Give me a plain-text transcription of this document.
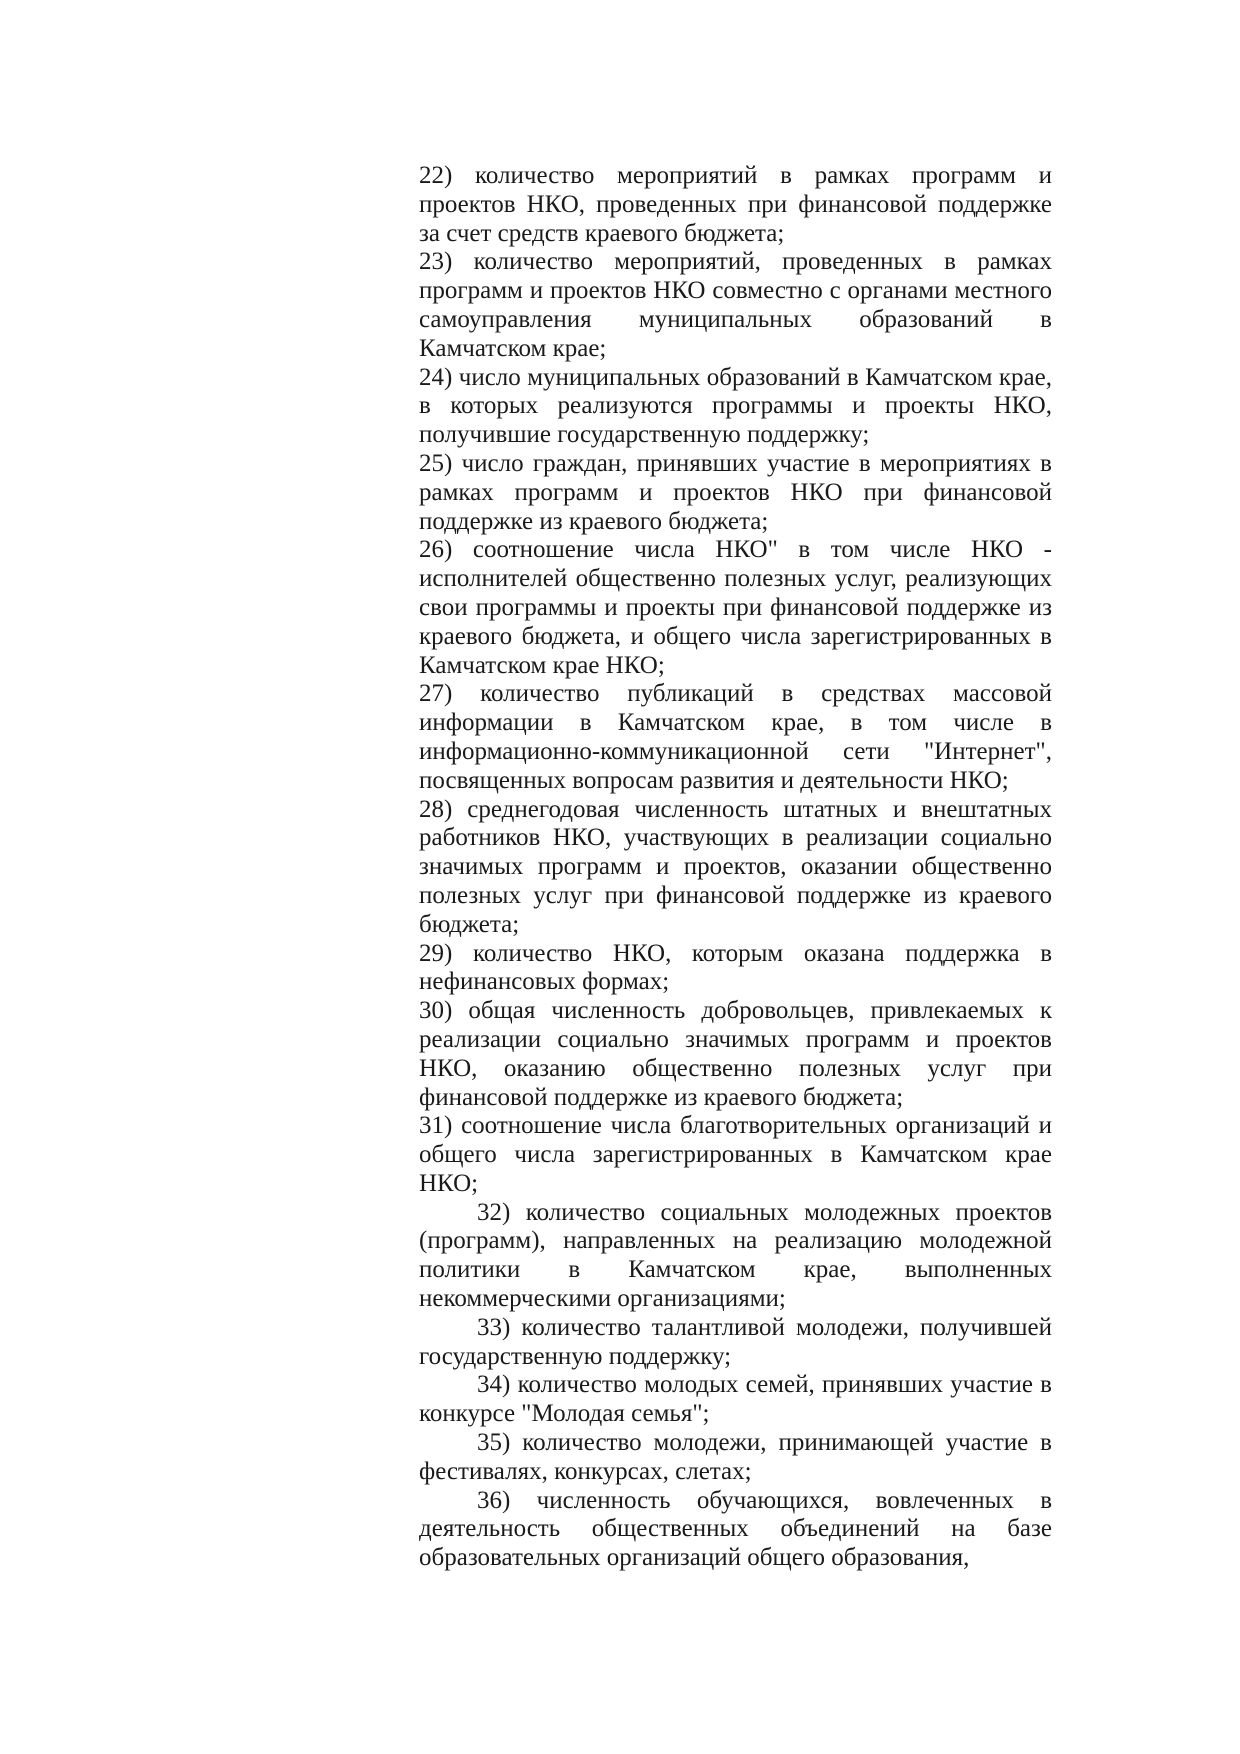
22) количество мероприятий в рамках программ и проектов НКО, проведенных при финансовой поддержке за счет средств краевого бюджета;

23) количество мероприятий, проведенных в рамках программ и проектов НКО совместно с органами местного самоуправления муниципальных образований в Камчатском крае;

24) число муниципальных образований в Камчатском крае, в которых реализуются программы и проекты НКО, получившие государственную поддержку;

25) число граждан, принявших участие в мероприятиях в рамках программ и проектов НКО при финансовой поддержке из краевого бюджета;

26) соотношение числа НКО" в том числе НКО - исполнителей общественно полезных услуг, реализующих свои программы и проекты при финансовой поддержке из краевого бюджета, и общего числа зарегистрированных в Камчатском крае НКО;

27) количество публикаций в средствах массовой информации в Камчатском крае, в том числе в информационно-коммуникационной сети "Интернет", посвященных вопросам развития и деятельности НКО;

28) среднегодовая численность штатных и внештатных работников НКО, участвующих в реализации социально значимых программ и проектов, оказании общественно полезных услуг при финансовой поддержке из краевого бюджета;

29) количество НКО, которым оказана поддержка в нефинансовых формах;

30) общая численность добровольцев, привлекаемых к реализации социально значимых программ и проектов НКО, оказанию общественно полезных услуг при финансовой поддержке из краевого бюджета;

31) соотношение числа благотворительных организаций и общего числа зарегистрированных в Камчатском крае НКО;

32) количество социальных молодежных проектов (программ), направленных на реализацию молодежной политики в Камчатском крае, выполненных некоммерческими организациями;

33) количество талантливой молодежи, получившей государственную поддержку;

34) количество молодых семей, принявших участие в конкурсе "Молодая семья";

35) количество молодежи, принимающей участие в фестивалях, конкурсах, слетах;

36) численность обучающихся, вовлеченных в деятельность общественных объединений на базе образовательных организаций общего образования,
